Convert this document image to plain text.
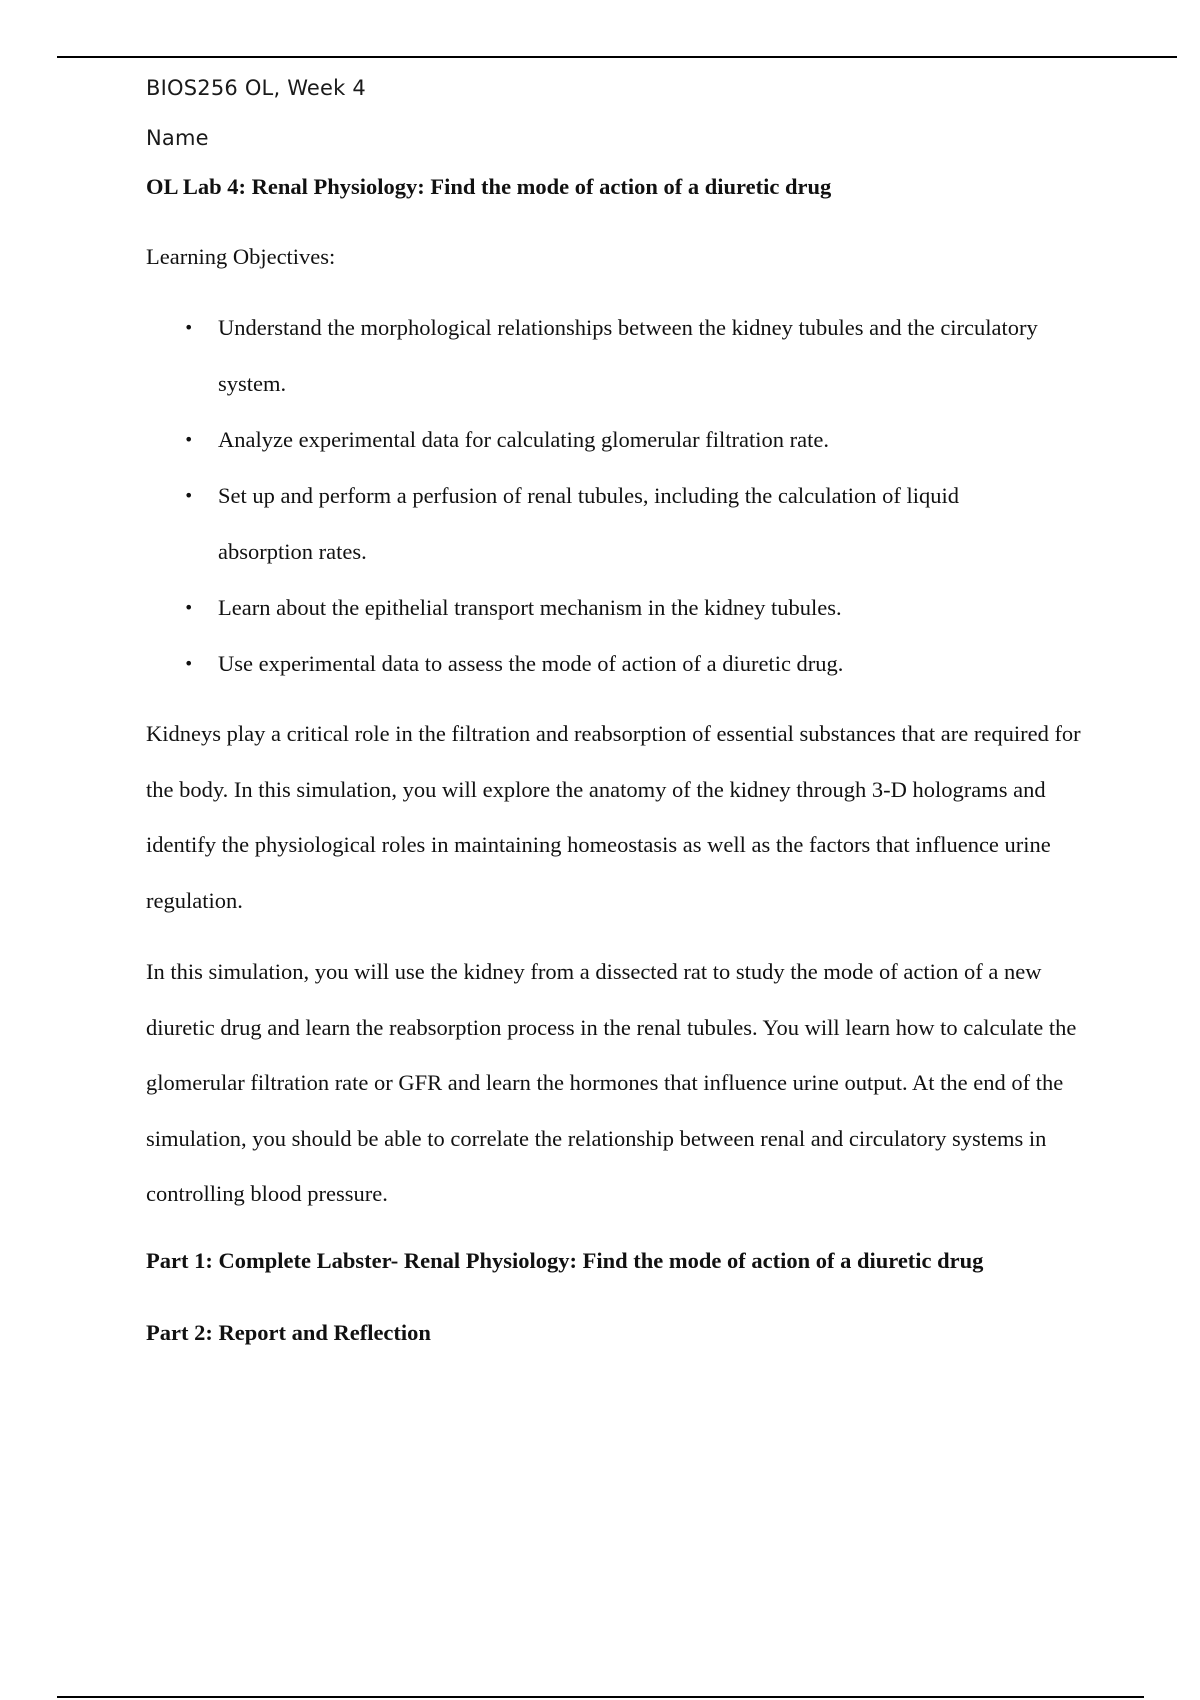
BIOS256 OL, Week 4
Name
OL Lab 4: Renal Physiology: Find the mode of action of a diuretic drug
Learning Objectives:
• Understand the morphological relationships between the kidney tubules and the circulatory system.
• Analyze experimental data for calculating glomerular filtration rate.
• Set up and perform a perfusion of renal tubules, including the calculation of liquid absorption rates.
• Learn about the epithelial transport mechanism in the kidney tubules.
• Use experimental data to assess the mode of action of a diuretic drug.

Kidneys play a critical role in the filtration and reabsorption of essential substances that are required for the body. In this simulation, you will explore the anatomy of the kidney through 3-D holograms and identify the physiological roles in maintaining homeostasis as well as the factors that influence urine regulation.

In this simulation, you will use the kidney from a dissected rat to study the mode of action of a new diuretic drug and learn the reabsorption process in the renal tubules. You will learn how to calculate the glomerular filtration rate or GFR and learn the hormones that influence urine output. At the end of the simulation, you should be able to correlate the relationship between renal and circulatory systems in controlling blood pressure.

Part 1: Complete Labster- Renal Physiology: Find the mode of action of a diuretic drug
Part 2: Report and Reflection
